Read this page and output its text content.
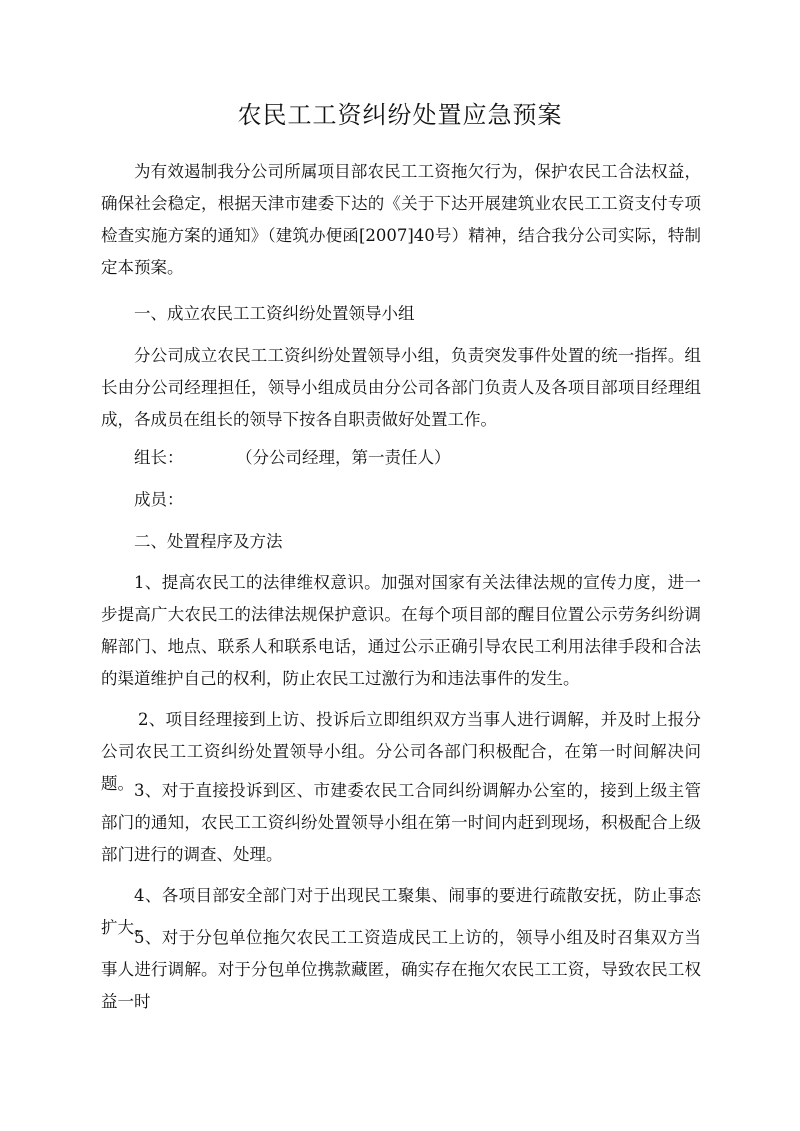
农民工工资纠纷处置应急预案

为有效遏制我分公司所属项目部农民工工资拖欠行为，保护农民工合法权益，确保社会稳定，根据天津市建委下达的《关于下达开展建筑业农民工工资支付专项检查实施方案的通知》（建筑办便函[2007]40号）精神，结合我分公司实际，特制定本预案。

一、成立农民工工资纠纷处置领导小组

分公司成立农民工工资纠纷处置领导小组，负责突发事件处置的统一指挥。组长由分公司经理担任，领导小组成员由分公司各部门负责人及各项目部项目经理组成，各成员在组长的领导下按各自职责做好处置工作。

组长：          （分公司经理，第一责任人）

成员：

二、处置程序及方法

1、提高农民工的法律维权意识。加强对国家有关法律法规的宣传力度，进一步提高广大农民工的法律法规保护意识。在每个项目部的醒目位置公示劳务纠纷调解部门、地点、联系人和联系电话，通过公示正确引导农民工利用法律手段和合法的渠道维护自己的权利，防止农民工过激行为和违法事件的发生。

2、项目经理接到上访、投诉后立即组织双方当事人进行调解，并及时上报分公司农民工工资纠纷处置领导小组。分公司各部门积极配合，在第一时间解决问题。 3、对于直接投诉到区、市建委农民工合同纠纷调解办公室的，接到上级主管部门的通知，农民工工资纠纷处置领导小组在第一时间内赶到现场，积极配合上级部门进行的调查、处理。

4、各项目部安全部门对于出现民工聚集、闹事的要进行疏散安抚，防止事态扩大。

5、对于分包单位拖欠农民工工资造成民工上访的，领导小组及时召集双方当事人进行调解。对于分包单位携款藏匿，确实存在拖欠农民工工资，导致农民工权益一时
